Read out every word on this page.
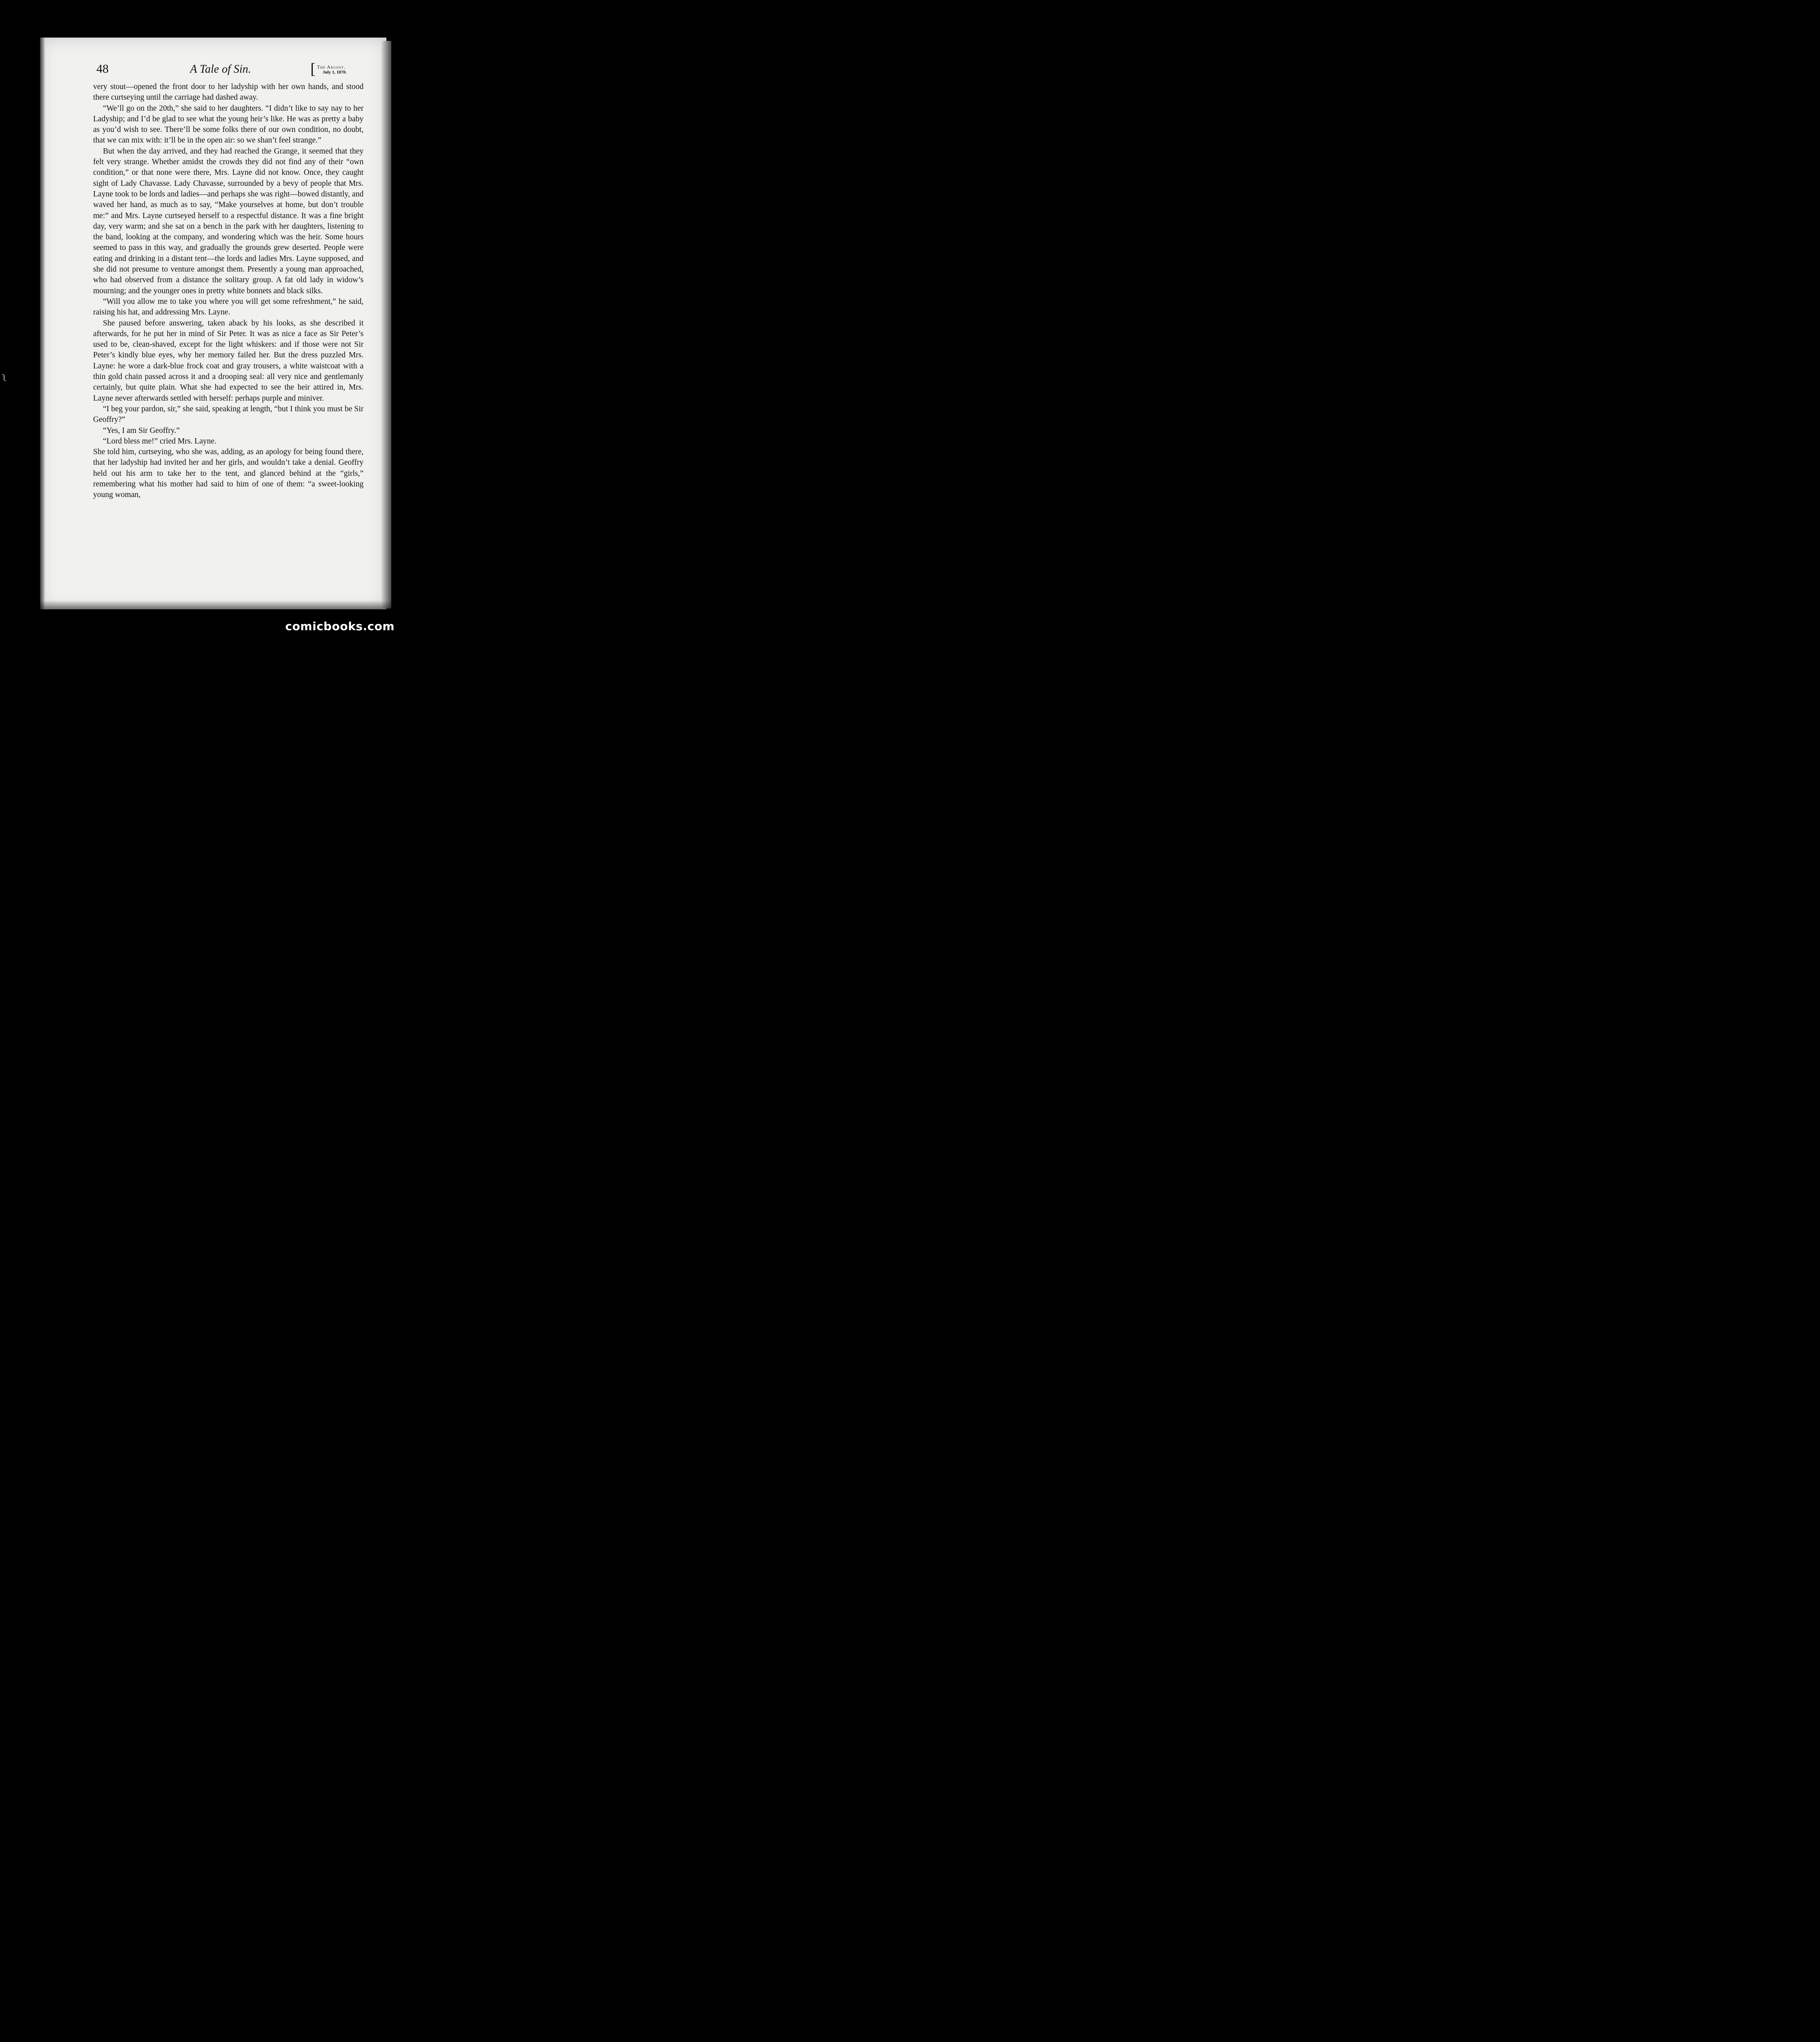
ʅ
48	A Tale of Sin.	[ The Argosy.
July 1, 1870.

very stout—opened the front door to her ladyship with her own hands, and stood there curtseying until the carriage had dashed away.

“We’ll go on the 20th,” she said to her daughters. “I didn’t like to say nay to her Ladyship; and I’d be glad to see what the young heir’s like. He was as pretty a baby as you’d wish to see. There’ll be some folks there of our own condition, no doubt, that we can mix with: it’ll be in the open air: so we shan’t feel strange.”

But when the day arrived, and they had reached the Grange, it seemed that they felt very strange. Whether amidst the crowds they did not find any of their “own condition,” or that none were there, Mrs. Layne did not know. Once, they caught sight of Lady Chavasse. Lady Chavasse, surrounded by a bevy of people that Mrs. Layne took to be lords and ladies—and perhaps she was right—bowed distantly, and waved her hand, as much as to say, “Make yourselves at home, but don’t trouble me:” and Mrs. Layne curtseyed herself to a respectful distance. It was a fine bright day, very warm; and she sat on a bench in the park with her daughters, listening to the band, looking at the company, and wondering which was the heir. Some hours seemed to pass in this way, and gradually the grounds grew deserted. People were eating and drinking in a distant tent—the lords and ladies Mrs. Layne supposed, and she did not presume to venture amongst them. Presently a young man approached, who had observed from a distance the solitary group. A fat old lady in widow’s mourning; and the younger ones in pretty white bonnets and black silks.

“Will you allow me to take you where you will get some refreshment,” he said, raising his hat, and addressing Mrs. Layne.

She paused before answering, taken aback by his looks, as she described it afterwards, for he put her in mind of Sir Peter. It was as nice a face as Sir Peter’s used to be, clean-shaved, except for the light whiskers: and if those were not Sir Peter’s kindly blue eyes, why her memory failed her. But the dress puzzled Mrs. Layne: he wore a dark-blue frock coat and gray trousers, a white waistcoat with a thin gold chain passed across it and a drooping seal: all very nice and gentlemanly certainly, but quite plain. What she had expected to see the heir attired in, Mrs. Layne never afterwards settled with herself: perhaps purple and miniver.

“I beg your pardon, sir,” she said, speaking at length, “but I think you must be Sir Geoffry?”

“Yes, I am Sir Geoffry.”

“Lord bless me!” cried Mrs. Layne.

She told him, curtseying, who she was, adding, as an apology for being found there, that her ladyship had invited her and her girls, and wouldn’t take a denial. Geoffry held out his arm to take her to the tent, and glanced behind at the “girls,” remembering what his mother had said to him of one of them: “a sweet-looking young woman,

comicbooks.com
